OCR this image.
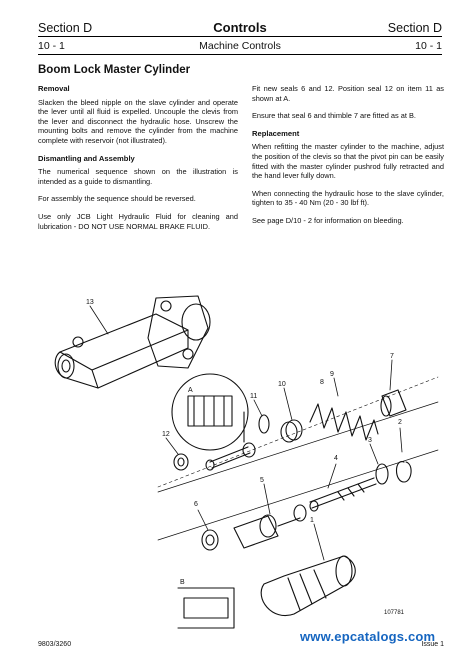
Section D	Controls	Section D
10 - 1	Machine Controls	10 - 1
Boom Lock Master Cylinder
Removal

Slacken the bleed nipple on the slave cylinder and operate the lever until all fluid is expelled. Uncouple the clevis from the lever and disconnect the hydraulic hose. Unscrew the mounting bolts and remove the cylinder from the machine complete with reservoir (not illustrated).

Dismantling and Assembly

The numerical sequence shown on the illustration is intended as a guide to dismantling.

For assembly the sequence should be reversed.

Use only JCB Light Hydraulic Fluid for cleaning and lubrication - DO NOT USE NORMAL BRAKE FLUID.

Fit new seals 6 and 12. Position seal 12 on item 11 as shown at A.

Ensure that seal 6 and thimble 7 are fitted as at B.

Replacement

When refitting the master cylinder to the machine, adjust the position of the clevis so that the pivot pin can be easily fitted with the master cylinder pushrod fully retracted and the hand lever fully down.

When connecting the hydraulic hose to the slave cylinder, tighten to 35 - 40 Nm (20 - 30 lbf ft).

See page D/10 - 2 for information on bleeding.

13
12
11
10
9
8
7
6
5
4
3
2
1
A
B
107781
www.epcatalogs.com
9803/3260	Issue 1
